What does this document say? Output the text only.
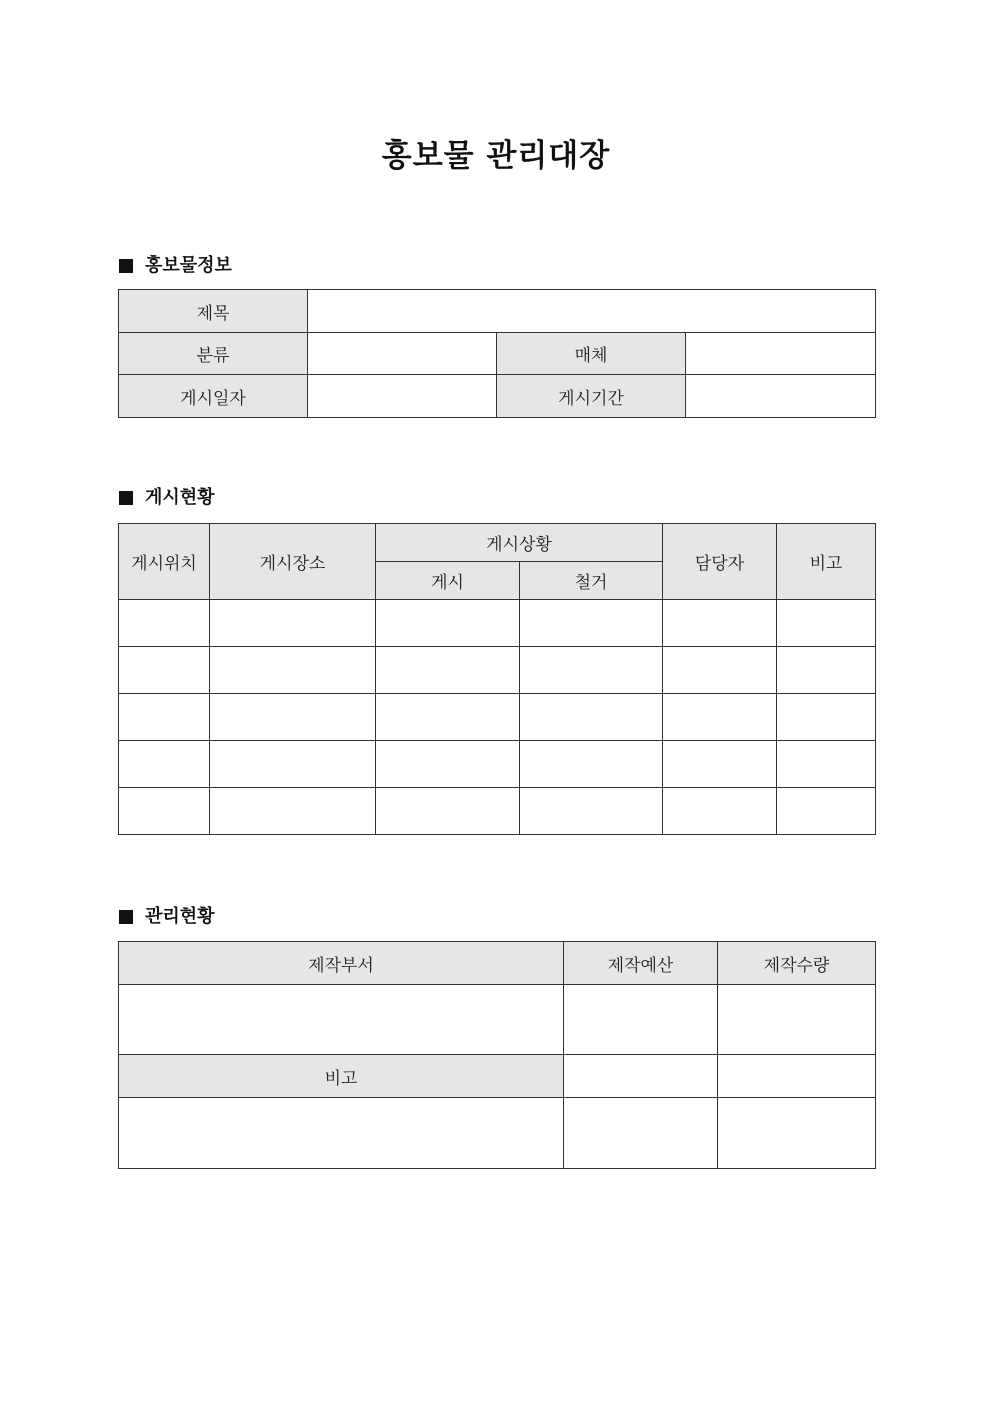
홍보물 관리대장
홍보물정보
제목			
분류		매체	
게시일자		게시기간	
게시현황
게시위치	게시장소	게시상황		담당자	비고
		게시	철거		

관리현황
제작부서	제작예산	제작수량

비고		
